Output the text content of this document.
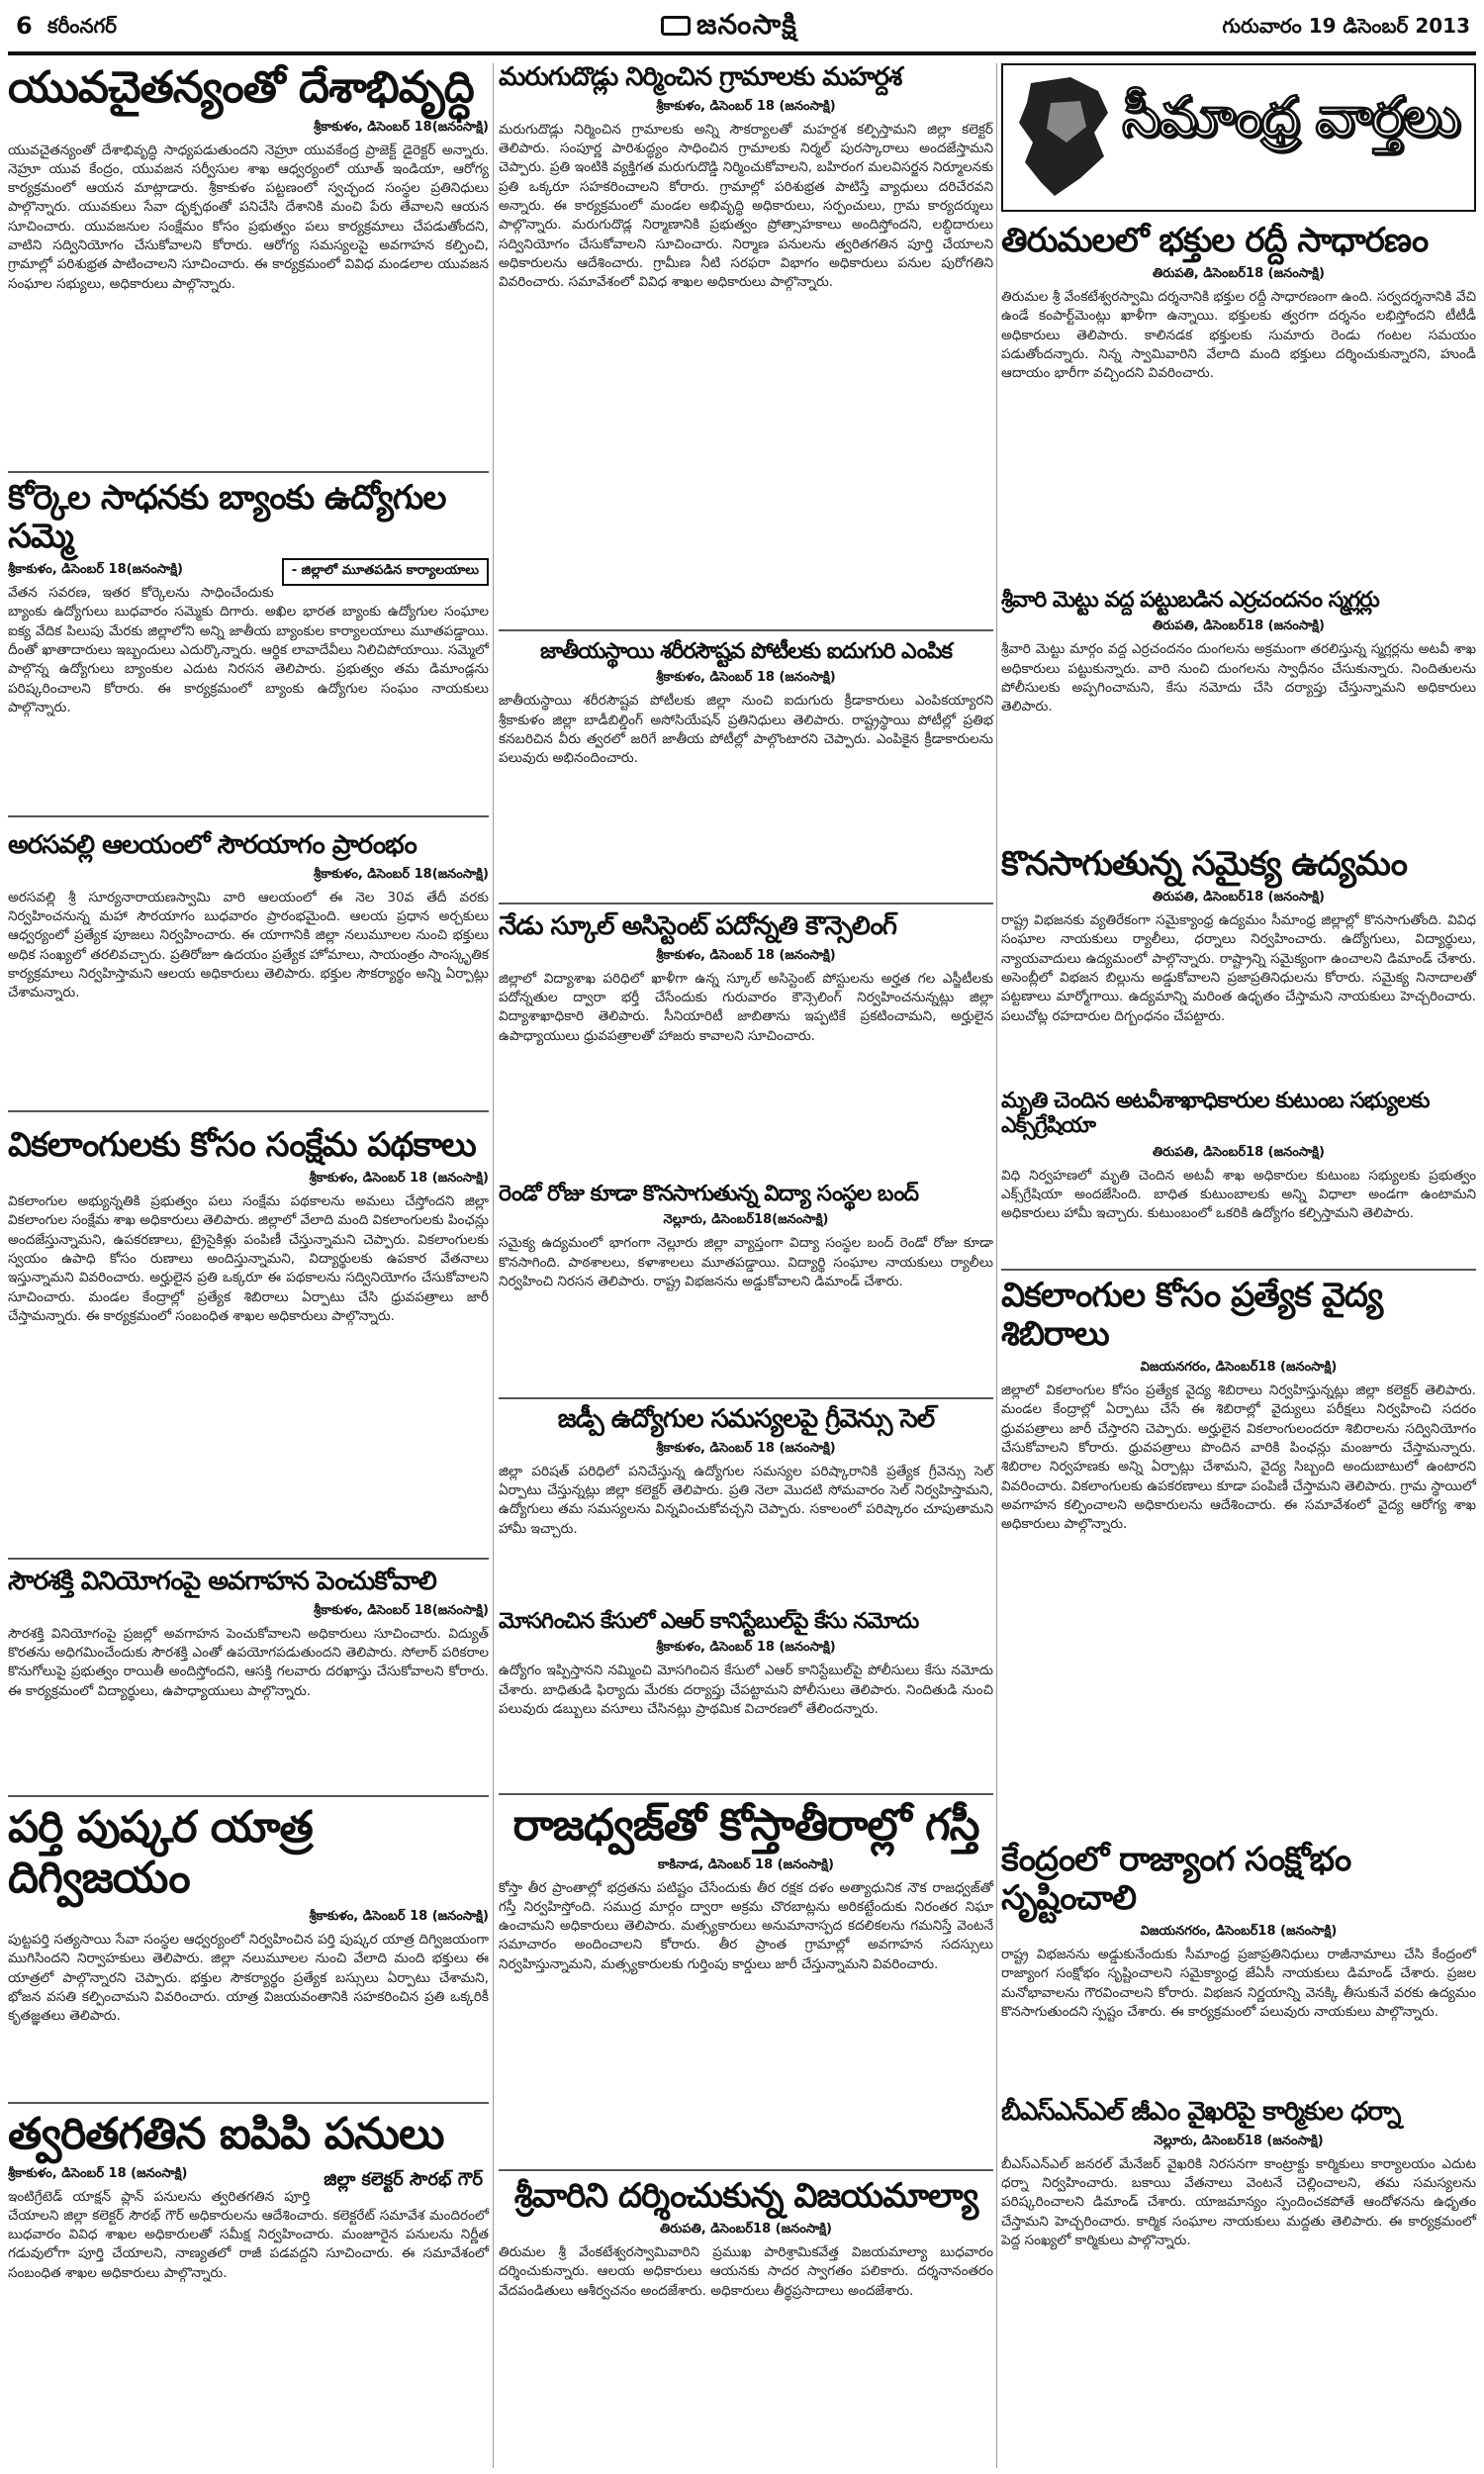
6 కరీంనగర్	జనంసాక్షి	గురువారం 19 డిసెంబర్ 2013
యువచైతన్యంతో దేశాభివృద్ధి
శ్రీకాకుళం, డిసెంబర్ 18(జనంసాక్షి)
యువచైతన్యంతో దేశాభివృద్ధి సాధ్యపడుతుందని నెహ్రూ యువకేంద్ర ప్రాజెక్ట్ డైరెక్టర్ అన్నారు. నెహ్రూ యువ కేంద్రం, యువజన సర్వీసుల శాఖ ఆధ్వర్యంలో యూత్ ఇండియా, ఆరోగ్య కార్యక్రమంలో ఆయన మాట్లాడారు. శ్రీకాకుళం పట్టణంలో స్వచ్ఛంద సంస్థల ప్రతినిధులు పాల్గొన్నారు. యువకులు సేవా దృక్పథంతో పనిచేసి దేశానికి మంచి పేరు తేవాలని ఆయన సూచించారు. యువజనుల సంక్షేమం కోసం ప్రభుత్వం పలు కార్యక్రమాలు చేపడుతోందని, వాటిని సద్వినియోగం చేసుకోవాలని కోరారు. ఆరోగ్య సమస్యలపై అవగాహన కల్పించి, గ్రామాల్లో పరిశుభ్రత పాటించాలని సూచించారు. ఈ కార్యక్రమంలో వివిధ మండలాల యువజన సంఘాల సభ్యులు, అధికారులు పాల్గొన్నారు.
కోర్కెల సాధనకు బ్యాంకు ఉద్యోగుల సమ్మె
- జిల్లాలో మూతపడిన కార్యాలయాలు
శ్రీకాకుళం, డిసెంబర్ 18(జనంసాక్షి)
వేతన సవరణ, ఇతర కోర్కెలను సాధించేందుకు బ్యాంకు ఉద్యోగులు బుధవారం సమ్మెకు దిగారు. అఖిల భారత బ్యాంకు ఉద్యోగుల సంఘాల ఐక్య వేదిక పిలుపు మేరకు జిల్లాలోని అన్ని జాతీయ బ్యాంకుల కార్యాలయాలు మూతపడ్డాయి. దీంతో ఖాతాదారులు ఇబ్బందులు ఎదుర్కొన్నారు. ఆర్థిక లావాదేవీలు నిలిచిపోయాయి. సమ్మెలో పాల్గొన్న ఉద్యోగులు బ్యాంకుల ఎదుట నిరసన తెలిపారు. ప్రభుత్వం తమ డిమాండ్లను పరిష్కరించాలని కోరారు. ఈ కార్యక్రమంలో బ్యాంకు ఉద్యోగుల సంఘం నాయకులు పాల్గొన్నారు.
అరసవల్లి ఆలయంలో సౌరయాగం ప్రారంభం
శ్రీకాకుళం, డిసెంబర్ 18(జనంసాక్షి)
అరసవల్లి శ్రీ సూర్యనారాయణస్వామి వారి ఆలయంలో ఈ నెల 30వ తేదీ వరకు నిర్వహించనున్న మహా సౌరయాగం బుధవారం ప్రారంభమైంది. ఆలయ ప్రధాన అర్చకులు ఆధ్వర్యంలో ప్రత్యేక పూజలు నిర్వహించారు. ఈ యాగానికి జిల్లా నలుమూలల నుంచి భక్తులు అధిక సంఖ్యలో తరలివచ్చారు. ప్రతిరోజూ ఉదయం ప్రత్యేక హోమాలు, సాయంత్రం సాంస్కృతిక కార్యక్రమాలు నిర్వహిస్తామని ఆలయ అధికారులు తెలిపారు. భక్తుల సౌకర్యార్థం అన్ని ఏర్పాట్లు చేశామన్నారు.
వికలాంగులకు కోసం సంక్షేమ పథకాలు
శ్రీకాకుళం, డిసెంబర్ 18 (జనంసాక్షి)
వికలాంగుల అభ్యున్నతికి ప్రభుత్వం పలు సంక్షేమ పథకాలను అమలు చేస్తోందని జిల్లా వికలాంగుల సంక్షేమ శాఖ అధికారులు తెలిపారు. జిల్లాలో వేలాది మంది వికలాంగులకు పింఛన్లు అందజేస్తున్నామని, ఉపకరణాలు, ట్రైసైకిళ్లు పంపిణీ చేస్తున్నామని చెప్పారు. వికలాంగులకు స్వయం ఉపాధి కోసం రుణాలు అందిస్తున్నామని, విద్యార్థులకు ఉపకార వేతనాలు ఇస్తున్నామని వివరించారు. అర్హులైన ప్రతి ఒక్కరూ ఈ పథకాలను సద్వినియోగం చేసుకోవాలని సూచించారు. మండల కేంద్రాల్లో ప్రత్యేక శిబిరాలు ఏర్పాటు చేసి ధ్రువపత్రాలు జారీ చేస్తామన్నారు. ఈ కార్యక్రమంలో సంబంధిత శాఖల అధికారులు పాల్గొన్నారు.
సౌరశక్తి వినియోగంపై అవగాహన పెంచుకోవాలి
శ్రీకాకుళం, డిసెంబర్ 18(జనంసాక్షి)
సౌరశక్తి వినియోగంపై ప్రజల్లో అవగాహన పెంచుకోవాలని అధికారులు సూచించారు. విద్యుత్ కొరతను అధిగమించేందుకు సౌరశక్తి ఎంతో ఉపయోగపడుతుందని తెలిపారు. సోలార్ పరికరాల కొనుగోలుపై ప్రభుత్వం రాయితీ అందిస్తోందని, ఆసక్తి గలవారు దరఖాస్తు చేసుకోవాలని కోరారు. ఈ కార్యక్రమంలో విద్యార్థులు, ఉపాధ్యాయులు పాల్గొన్నారు.
పర్తి పుష్కర యాత్ర దిగ్విజయం
శ్రీకాకుళం, డిసెంబర్ 18 (జనంసాక్షి)
పుట్టపర్తి సత్యసాయి సేవా సంస్థల ఆధ్వర్యంలో నిర్వహించిన పర్తి పుష్కర యాత్ర దిగ్విజయంగా ముగిసిందని నిర్వాహకులు తెలిపారు. జిల్లా నలుమూలల నుంచి వేలాది మంది భక్తులు ఈ యాత్రలో పాల్గొన్నారని చెప్పారు. భక్తుల సౌకర్యార్థం ప్రత్యేక బస్సులు ఏర్పాటు చేశామని, భోజన వసతి కల్పించామని వివరించారు. యాత్ర విజయవంతానికి సహకరించిన ప్రతి ఒక్కరికీ కృతజ్ఞతలు తెలిపారు.
త్వరితగతిన ఐపిపి పనులు
జిల్లా కలెక్టర్ సౌరభ్ గౌర్
శ్రీకాకుళం, డిసెంబర్ 18 (జనంసాక్షి)
ఇంటిగ్రేటెడ్ యాక్షన్ ప్లాన్ పనులను త్వరితగతిన పూర్తి చేయాలని జిల్లా కలెక్టర్ సౌరభ్ గౌర్ అధికారులను ఆదేశించారు. కలెక్టరేట్ సమావేశ మందిరంలో బుధవారం వివిధ శాఖల అధికారులతో సమీక్ష నిర్వహించారు. మంజూరైన పనులను నిర్ణీత గడువులోగా పూర్తి చేయాలని, నాణ్యతలో రాజీ పడవద్దని సూచించారు. ఈ సమావేశంలో సంబంధిత శాఖల అధికారులు పాల్గొన్నారు.
మరుగుదొడ్లు నిర్మించిన గ్రామాలకు మహర్దశ
శ్రీకాకుళం, డిసెంబర్ 18 (జనంసాక్షి)
మరుగుదొడ్లు నిర్మించిన గ్రామాలకు అన్ని సౌకర్యాలతో మహర్దశ కల్పిస్తామని జిల్లా కలెక్టర్ తెలిపారు. సంపూర్ణ పారిశుద్ధ్యం సాధించిన గ్రామాలకు నిర్మల్ పురస్కారాలు అందజేస్తామని చెప్పారు. ప్రతి ఇంటికి వ్యక్తిగత మరుగుదొడ్డి నిర్మించుకోవాలని, బహిరంగ మలవిసర్జన నిర్మూలనకు ప్రతి ఒక్కరూ సహకరించాలని కోరారు. గ్రామాల్లో పరిశుభ్రత పాటిస్తే వ్యాధులు దరిచేరవని అన్నారు. ఈ కార్యక్రమంలో మండల అభివృద్ధి అధికారులు, సర్పంచులు, గ్రామ కార్యదర్శులు పాల్గొన్నారు. మరుగుదొడ్ల నిర్మాణానికి ప్రభుత్వం ప్రోత్సాహకాలు అందిస్తోందని, లబ్ధిదారులు సద్వినియోగం చేసుకోవాలని సూచించారు. నిర్మాణ పనులను త్వరితగతిన పూర్తి చేయాలని అధికారులను ఆదేశించారు. గ్రామీణ నీటి సరఫరా విభాగం అధికారులు పనుల పురోగతిని వివరించారు. సమావేశంలో వివిధ శాఖల అధికారులు పాల్గొన్నారు.
జాతీయస్థాయి శరీరసౌష్టవ పోటీలకు ఐదుగురి ఎంపిక
శ్రీకాకుళం, డిసెంబర్ 18 (జనంసాక్షి)
జాతీయస్థాయి శరీరసౌష్టవ పోటీలకు జిల్లా నుంచి ఐదుగురు క్రీడాకారులు ఎంపికయ్యారని శ్రీకాకుళం జిల్లా బాడీబిల్డింగ్ అసోసియేషన్ ప్రతినిధులు తెలిపారు. రాష్ట్రస్థాయి పోటీల్లో ప్రతిభ కనబరిచిన వీరు త్వరలో జరిగే జాతీయ పోటీల్లో పాల్గొంటారని చెప్పారు. ఎంపికైన క్రీడాకారులను పలువురు అభినందించారు.
నేడు స్కూల్ అసిస్టెంట్ పదోన్నతి కౌన్సెలింగ్
శ్రీకాకుళం, డిసెంబర్ 18 (జనంసాక్షి)
జిల్లాలో విద్యాశాఖ పరిధిలో ఖాళీగా ఉన్న స్కూల్ అసిస్టెంట్ పోస్టులను అర్హత గల ఎస్జీటీలకు పదోన్నతుల ద్వారా భర్తీ చేసేందుకు గురువారం కౌన్సెలింగ్ నిర్వహించనున్నట్లు జిల్లా విద్యాశాఖాధికారి తెలిపారు. సీనియారిటీ జాబితాను ఇప్పటికే ప్రకటించామని, అర్హులైన ఉపాధ్యాయులు ధ్రువపత్రాలతో హాజరు కావాలని సూచించారు.
రెండో రోజు కూడా కొనసాగుతున్న విద్యా సంస్థల బంద్
నెల్లూరు, డిసెంబర్18(జనంసాక్షి)
సమైక్య ఉద్యమంలో భాగంగా నెల్లూరు జిల్లా వ్యాప్తంగా విద్యా సంస్థల బంద్ రెండో రోజు కూడా కొనసాగింది. పాఠశాలలు, కళాశాలలు మూతపడ్డాయి. విద్యార్థి సంఘాల నాయకులు ర్యాలీలు నిర్వహించి నిరసన తెలిపారు. రాష్ట్ర విభజనను అడ్డుకోవాలని డిమాండ్ చేశారు.
జడ్పీ ఉద్యోగుల సమస్యలపై గ్రీవెన్సు సెల్
శ్రీకాకుళం, డిసెంబర్ 18 (జనంసాక్షి)
జిల్లా పరిషత్ పరిధిలో పనిచేస్తున్న ఉద్యోగుల సమస్యల పరిష్కారానికి ప్రత్యేక గ్రీవెన్సు సెల్ ఏర్పాటు చేస్తున్నట్లు జిల్లా కలెక్టర్ తెలిపారు. ప్రతి నెలా మొదటి సోమవారం సెల్ నిర్వహిస్తామని, ఉద్యోగులు తమ సమస్యలను విన్నవించుకోవచ్చని చెప్పారు. సకాలంలో పరిష్కారం చూపుతామని హామీ ఇచ్చారు.
మోసగించిన కేసులో ఎఆర్ కానిస్టేబుల్‌పై కేసు నమోదు
శ్రీకాకుళం, డిసెంబర్ 18 (జనంసాక్షి)
ఉద్యోగం ఇప్పిస్తానని నమ్మించి మోసగించిన కేసులో ఎఆర్ కానిస్టేబుల్‌పై పోలీసులు కేసు నమోదు చేశారు. బాధితుడి ఫిర్యాదు మేరకు దర్యాప్తు చేపట్టామని పోలీసులు తెలిపారు. నిందితుడి నుంచి పలువురు డబ్బులు వసూలు చేసినట్లు ప్రాథమిక విచారణలో తేలిందన్నారు.
రాజధ్వజ్‌తో కోస్తాతీరాల్లో గస్తీ
కాకినాడ, డిసెంబర్ 18 (జనంసాక్షి)
కోస్తా తీర ప్రాంతాల్లో భద్రతను పటిష్టం చేసేందుకు తీర రక్షక దళం అత్యాధునిక నౌక రాజధ్వజ్‌తో గస్తీ నిర్వహిస్తోంది. సముద్ర మార్గం ద్వారా అక్రమ చొరబాట్లను అరికట్టేందుకు నిరంతర నిఘా ఉంచామని అధికారులు తెలిపారు. మత్స్యకారులు అనుమానాస్పద కదలికలను గమనిస్తే వెంటనే సమాచారం అందించాలని కోరారు. తీర ప్రాంత గ్రామాల్లో అవగాహన సదస్సులు నిర్వహిస్తున్నామని, మత్స్యకారులకు గుర్తింపు కార్డులు జారీ చేస్తున్నామని వివరించారు.
శ్రీవారిని దర్శించుకున్న విజయమాల్యా
తిరుపతి, డిసెంబర్18 (జనంసాక్షి)
తిరుమల శ్రీ వేంకటేశ్వరస్వామివారిని ప్రముఖ పారిశ్రామికవేత్త విజయమాల్యా బుధవారం దర్శించుకున్నారు. ఆలయ అధికారులు ఆయనకు సాదర స్వాగతం పలికారు. దర్శనానంతరం వేదపండితులు ఆశీర్వచనం అందజేశారు. అధికారులు తీర్థప్రసాదాలు అందజేశారు.
సీమాంధ్ర వార్తలు
తిరుమలలో భక్తుల రద్దీ సాధారణం
తిరుపతి, డిసెంబర్18 (జనంసాక్షి)
తిరుమల శ్రీ వేంకటేశ్వరస్వామి దర్శనానికి భక్తుల రద్దీ సాధారణంగా ఉంది. సర్వదర్శనానికి వేచి ఉండే కంపార్ట్‌మెంట్లు ఖాళీగా ఉన్నాయి. భక్తులకు త్వరగా దర్శనం లభిస్తోందని టీటీడీ అధికారులు తెలిపారు. కాలినడక భక్తులకు సుమారు రెండు గంటల సమయం పడుతోందన్నారు. నిన్న స్వామివారిని వేలాది మంది భక్తులు దర్శించుకున్నారని, హుండీ ఆదాయం భారీగా వచ్చిందని వివరించారు.
శ్రీవారి మెట్టు వద్ద పట్టుబడిన ఎర్రచందనం స్మగ్లర్లు
తిరుపతి, డిసెంబర్18 (జనంసాక్షి)
శ్రీవారి మెట్టు మార్గం వద్ద ఎర్రచందనం దుంగలను అక్రమంగా తరలిస్తున్న స్మగ్లర్లను అటవీ శాఖ అధికారులు పట్టుకున్నారు. వారి నుంచి దుంగలను స్వాధీనం చేసుకున్నారు. నిందితులను పోలీసులకు అప్పగించామని, కేసు నమోదు చేసి దర్యాప్తు చేస్తున్నామని అధికారులు తెలిపారు.
కొనసాగుతున్న సమైక్య ఉద్యమం
తిరుపతి, డిసెంబర్18 (జనంసాక్షి)
రాష్ట్ర విభజనకు వ్యతిరేకంగా సమైక్యాంధ్ర ఉద్యమం సీమాంధ్ర జిల్లాల్లో కొనసాగుతోంది. వివిధ సంఘాల నాయకులు ర్యాలీలు, ధర్నాలు నిర్వహించారు. ఉద్యోగులు, విద్యార్థులు, న్యాయవాదులు ఉద్యమంలో పాల్గొన్నారు. రాష్ట్రాన్ని సమైక్యంగా ఉంచాలని డిమాండ్ చేశారు. అసెంబ్లీలో విభజన బిల్లును అడ్డుకోవాలని ప్రజాప్రతినిధులను కోరారు. సమైక్య నినాదాలతో పట్టణాలు మార్మోగాయి. ఉద్యమాన్ని మరింత ఉధృతం చేస్తామని నాయకులు హెచ్చరించారు. పలుచోట్ల రహదారుల దిగ్బంధనం చేపట్టారు.
మృతి చెందిన అటవీశాఖాధికారుల కుటుంబ సభ్యులకు ఎక్స్‌గ్రేషియా
తిరుపతి, డిసెంబర్18 (జనంసాక్షి)
విధి నిర్వహణలో మృతి చెందిన అటవీ శాఖ అధికారుల కుటుంబ సభ్యులకు ప్రభుత్వం ఎక్స్‌గ్రేషియా అందజేసింది. బాధిత కుటుంబాలకు అన్ని విధాలా అండగా ఉంటామని అధికారులు హామీ ఇచ్చారు. కుటుంబంలో ఒకరికి ఉద్యోగం కల్పిస్తామని తెలిపారు.
వికలాంగుల కోసం ప్రత్యేక వైద్య శిబిరాలు
విజయనగరం, డిసెంబర్18 (జనంసాక్షి)
జిల్లాలో వికలాంగుల కోసం ప్రత్యేక వైద్య శిబిరాలు నిర్వహిస్తున్నట్లు జిల్లా కలెక్టర్ తెలిపారు. మండల కేంద్రాల్లో ఏర్పాటు చేసే ఈ శిబిరాల్లో వైద్యులు పరీక్షలు నిర్వహించి సదరం ధ్రువపత్రాలు జారీ చేస్తారని చెప్పారు. అర్హులైన వికలాంగులందరూ శిబిరాలను సద్వినియోగం చేసుకోవాలని కోరారు. ధ్రువపత్రాలు పొందిన వారికి పింఛన్లు మంజూరు చేస్తామన్నారు. శిబిరాల నిర్వహణకు అన్ని ఏర్పాట్లు చేశామని, వైద్య సిబ్బంది అందుబాటులో ఉంటారని వివరించారు. వికలాంగులకు ఉపకరణాలు కూడా పంపిణీ చేస్తామని తెలిపారు. గ్రామ స్థాయిలో అవగాహన కల్పించాలని అధికారులను ఆదేశించారు. ఈ సమావేశంలో వైద్య ఆరోగ్య శాఖ అధికారులు పాల్గొన్నారు.
కేంద్రంలో రాజ్యాంగ సంక్షోభం సృష్టించాలి
విజయనగరం, డిసెంబర్18 (జనంసాక్షి)
రాష్ట్ర విభజనను అడ్డుకునేందుకు సీమాంధ్ర ప్రజాప్రతినిధులు రాజీనామాలు చేసి కేంద్రంలో రాజ్యాంగ సంక్షోభం సృష్టించాలని సమైక్యాంధ్ర జేఏసీ నాయకులు డిమాండ్ చేశారు. ప్రజల మనోభావాలను గౌరవించాలని కోరారు. విభజన నిర్ణయాన్ని వెనక్కి తీసుకునే వరకు ఉద్యమం కొనసాగుతుందని స్పష్టం చేశారు. ఈ కార్యక్రమంలో పలువురు నాయకులు పాల్గొన్నారు.
బీఎస్ఎన్ఎల్ జీఎం వైఖరిపై కార్మికుల ధర్నా
నెల్లూరు, డిసెంబర్18 (జనంసాక్షి)
బీఎస్ఎన్ఎల్ జనరల్ మేనేజర్ వైఖరికి నిరసనగా కాంట్రాక్టు కార్మికులు కార్యాలయం ఎదుట ధర్నా నిర్వహించారు. బకాయి వేతనాలు వెంటనే చెల్లించాలని, తమ సమస్యలను పరిష్కరించాలని డిమాండ్ చేశారు. యాజమాన్యం స్పందించకపోతే ఆందోళనను ఉధృతం చేస్తామని హెచ్చరించారు. కార్మిక సంఘాల నాయకులు మద్దతు తెలిపారు. ఈ కార్యక్రమంలో పెద్ద సంఖ్యలో కార్మికులు పాల్గొన్నారు.
